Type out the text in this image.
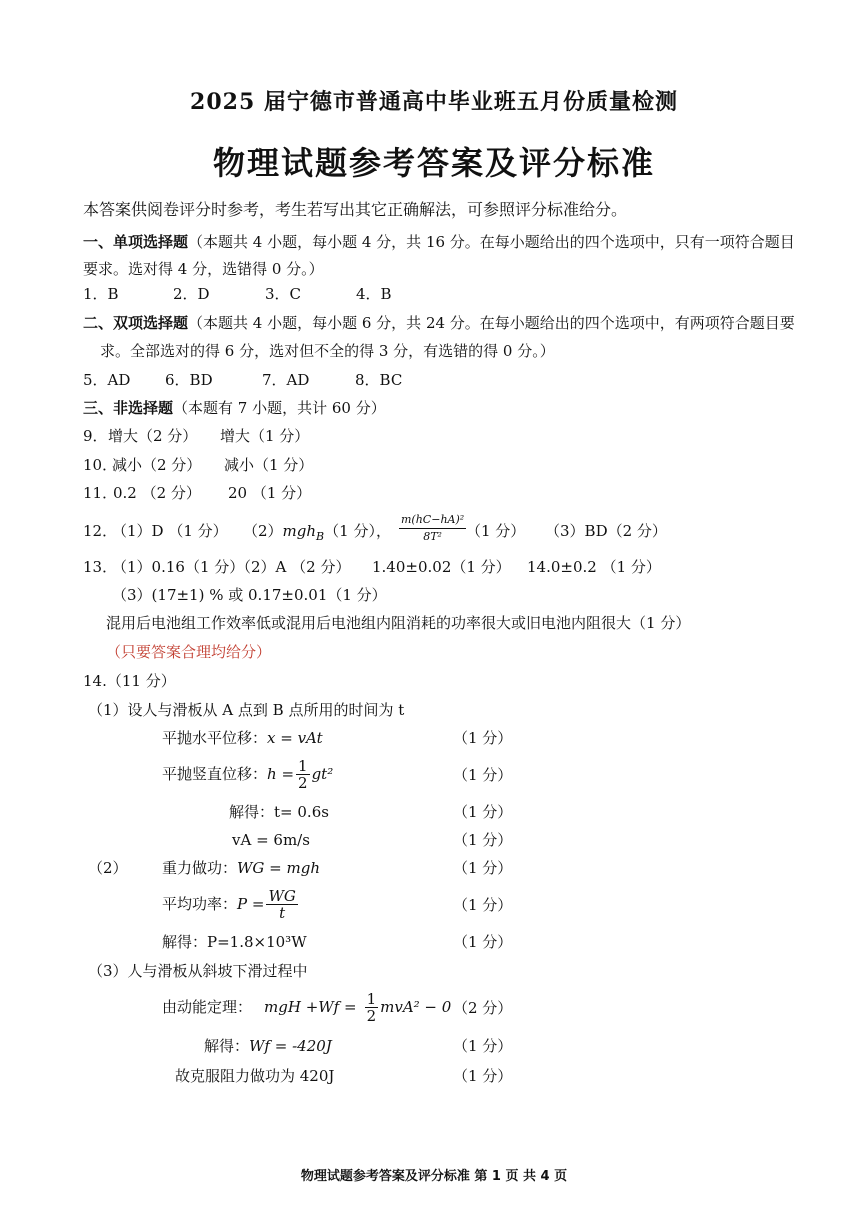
2025 届宁德市普通高中毕业班五月份质量检测
物理试题参考答案及评分标准
本答案供阅卷评分时参考，考生若写出其它正确解法，可参照评分标准给分。
一、单项选择题（本题共 4 小题，每小题 4 分，共 16 分。在每小题给出的四个选项中，只有一项符合题目
要求。选对得 4 分，选错得 0 分。）
1．B	2．D	3．C	4．B
二、双项选择题（本题共 4 小题，每小题 6 分，共 24 分。在每小题给出的四个选项中，有两项符合题目要
求。全部选对的得 6 分，选对但不全的得 3 分，有选错的得 0 分。）
5．AD 6．BD	7．AD	8．BC
三、非选择题（本题有 7 小题，共计 60 分）
9． 增大（2 分） 增大（1 分）
10．
减小（2 分） 减小（1 分）
11．
0.2 （2 分） 20 （1 分）
12．
（1）D （1 分） （2）mgh$_B$（1 分）， $\frac{\text{m(hC−hA)²}}{\text{8T²}} (1$ 分） （3）BD（2 分）
13．
（1）0.16（1 分）
（2）A （2 分） 1.40±0.02（1 分） 14.0±0.2 （1 分）
（3）(17±1) % 或 0.17±0.01（1 分）
混用后电池组工作效率低或混用后电池组内阻消耗的功率很大或旧电池内阻很大（1 分）
（只要答案合理均给分）
14.（11 分）
（1）设人与滑板从 A 点到 B 点所用的时间为 t
平抛水平位移：x = vAt	（1 分）
平抛竖直位移： $h = \frac{1}{2} gt^2$	（1 分）
解得：t= 0.6s	（1 分）
vA = 6m/s	（1 分）
（2） 重力做功：WG = mgh	（1 分）
平均功率： $P = \frac{WG}{t}$	（1 分）
解得：P=1.8×10³W	（1 分）
（3）人与滑板从斜坡下滑过程中
由动能定理： mgH $+Wf = \frac{1}{2} mvA^2 - 0$ （2 分）
解得：Wf = -420J	（1 分）
故克服阻力做功为 420J	（1 分）
物理试题参考答案及评分标准 第 1 页 共 4 页
